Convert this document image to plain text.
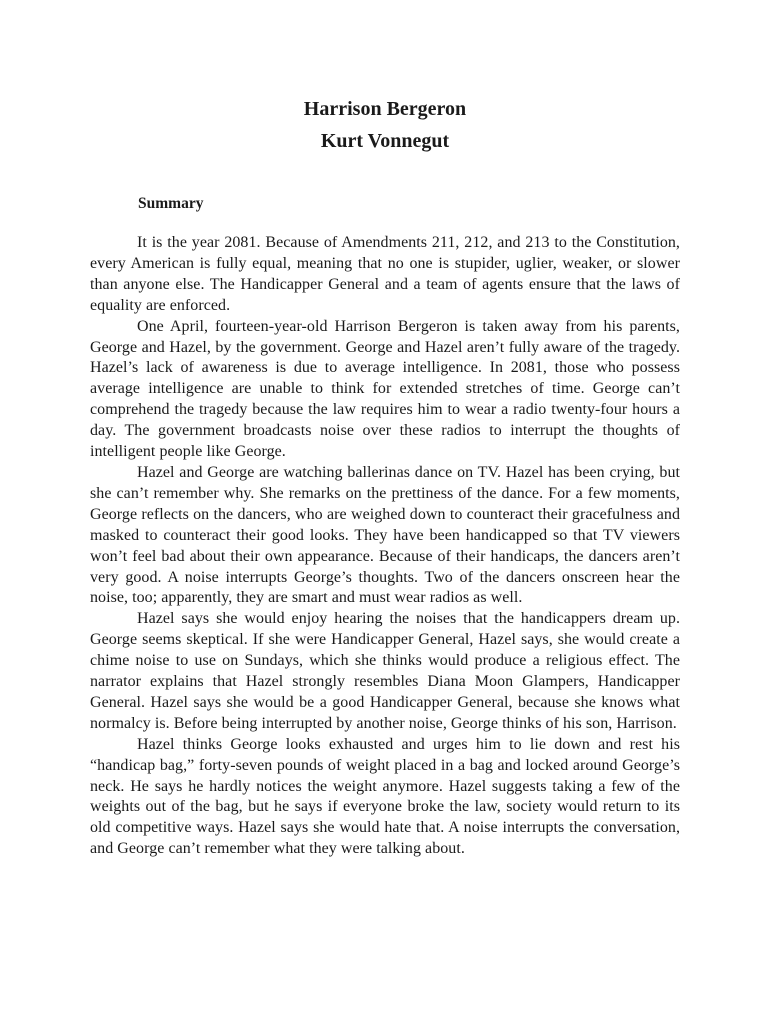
Harrison Bergeron
Kurt Vonnegut
Summary

It is the year 2081. Because of Amendments 211, 212, and 213 to the Constitution, every American is fully equal, meaning that no one is stupider, uglier, weaker, or slower than anyone else. The Handicapper General and a team of agents ensure that the laws of equality are enforced.

One April, fourteen-year-old Harrison Bergeron is taken away from his parents, George and Hazel, by the government. George and Hazel aren’t fully aware of the tragedy. Hazel’s lack of awareness is due to average intelligence. In 2081, those who possess average intelligence are unable to think for extended stretches of time. George can’t comprehend the tragedy because the law requires him to wear a radio twenty-four hours a day. The government broadcasts noise over these radios to interrupt the thoughts of intelligent people like George.

Hazel and George are watching ballerinas dance on TV. Hazel has been crying, but she can’t remember why. She remarks on the prettiness of the dance. For a few moments, George reflects on the dancers, who are weighed down to counteract their gracefulness and masked to counteract their good looks. They have been handicapped so that TV viewers won’t feel bad about their own appearance. Because of their handicaps, the dancers aren’t very good. A noise interrupts George’s thoughts. Two of the dancers onscreen hear the noise, too; apparently, they are smart and must wear radios as well.

Hazel says she would enjoy hearing the noises that the handicappers dream up. George seems skeptical. If she were Handicapper General, Hazel says, she would create a chime noise to use on Sundays, which she thinks would produce a religious effect. The narrator explains that Hazel strongly resembles Diana Moon Glampers, Handicapper General. Hazel says she would be a good Handicapper General, because she knows what normalcy is. Before being interrupted by another noise, George thinks of his son, Harrison.

Hazel thinks George looks exhausted and urges him to lie down and rest his “handicap bag,” forty-seven pounds of weight placed in a bag and locked around George’s neck. He says he hardly notices the weight anymore. Hazel suggests taking a few of the weights out of the bag, but he says if everyone broke the law, society would return to its old competitive ways. Hazel says she would hate that. A noise interrupts the conversation, and George can’t remember what they were talking about.
